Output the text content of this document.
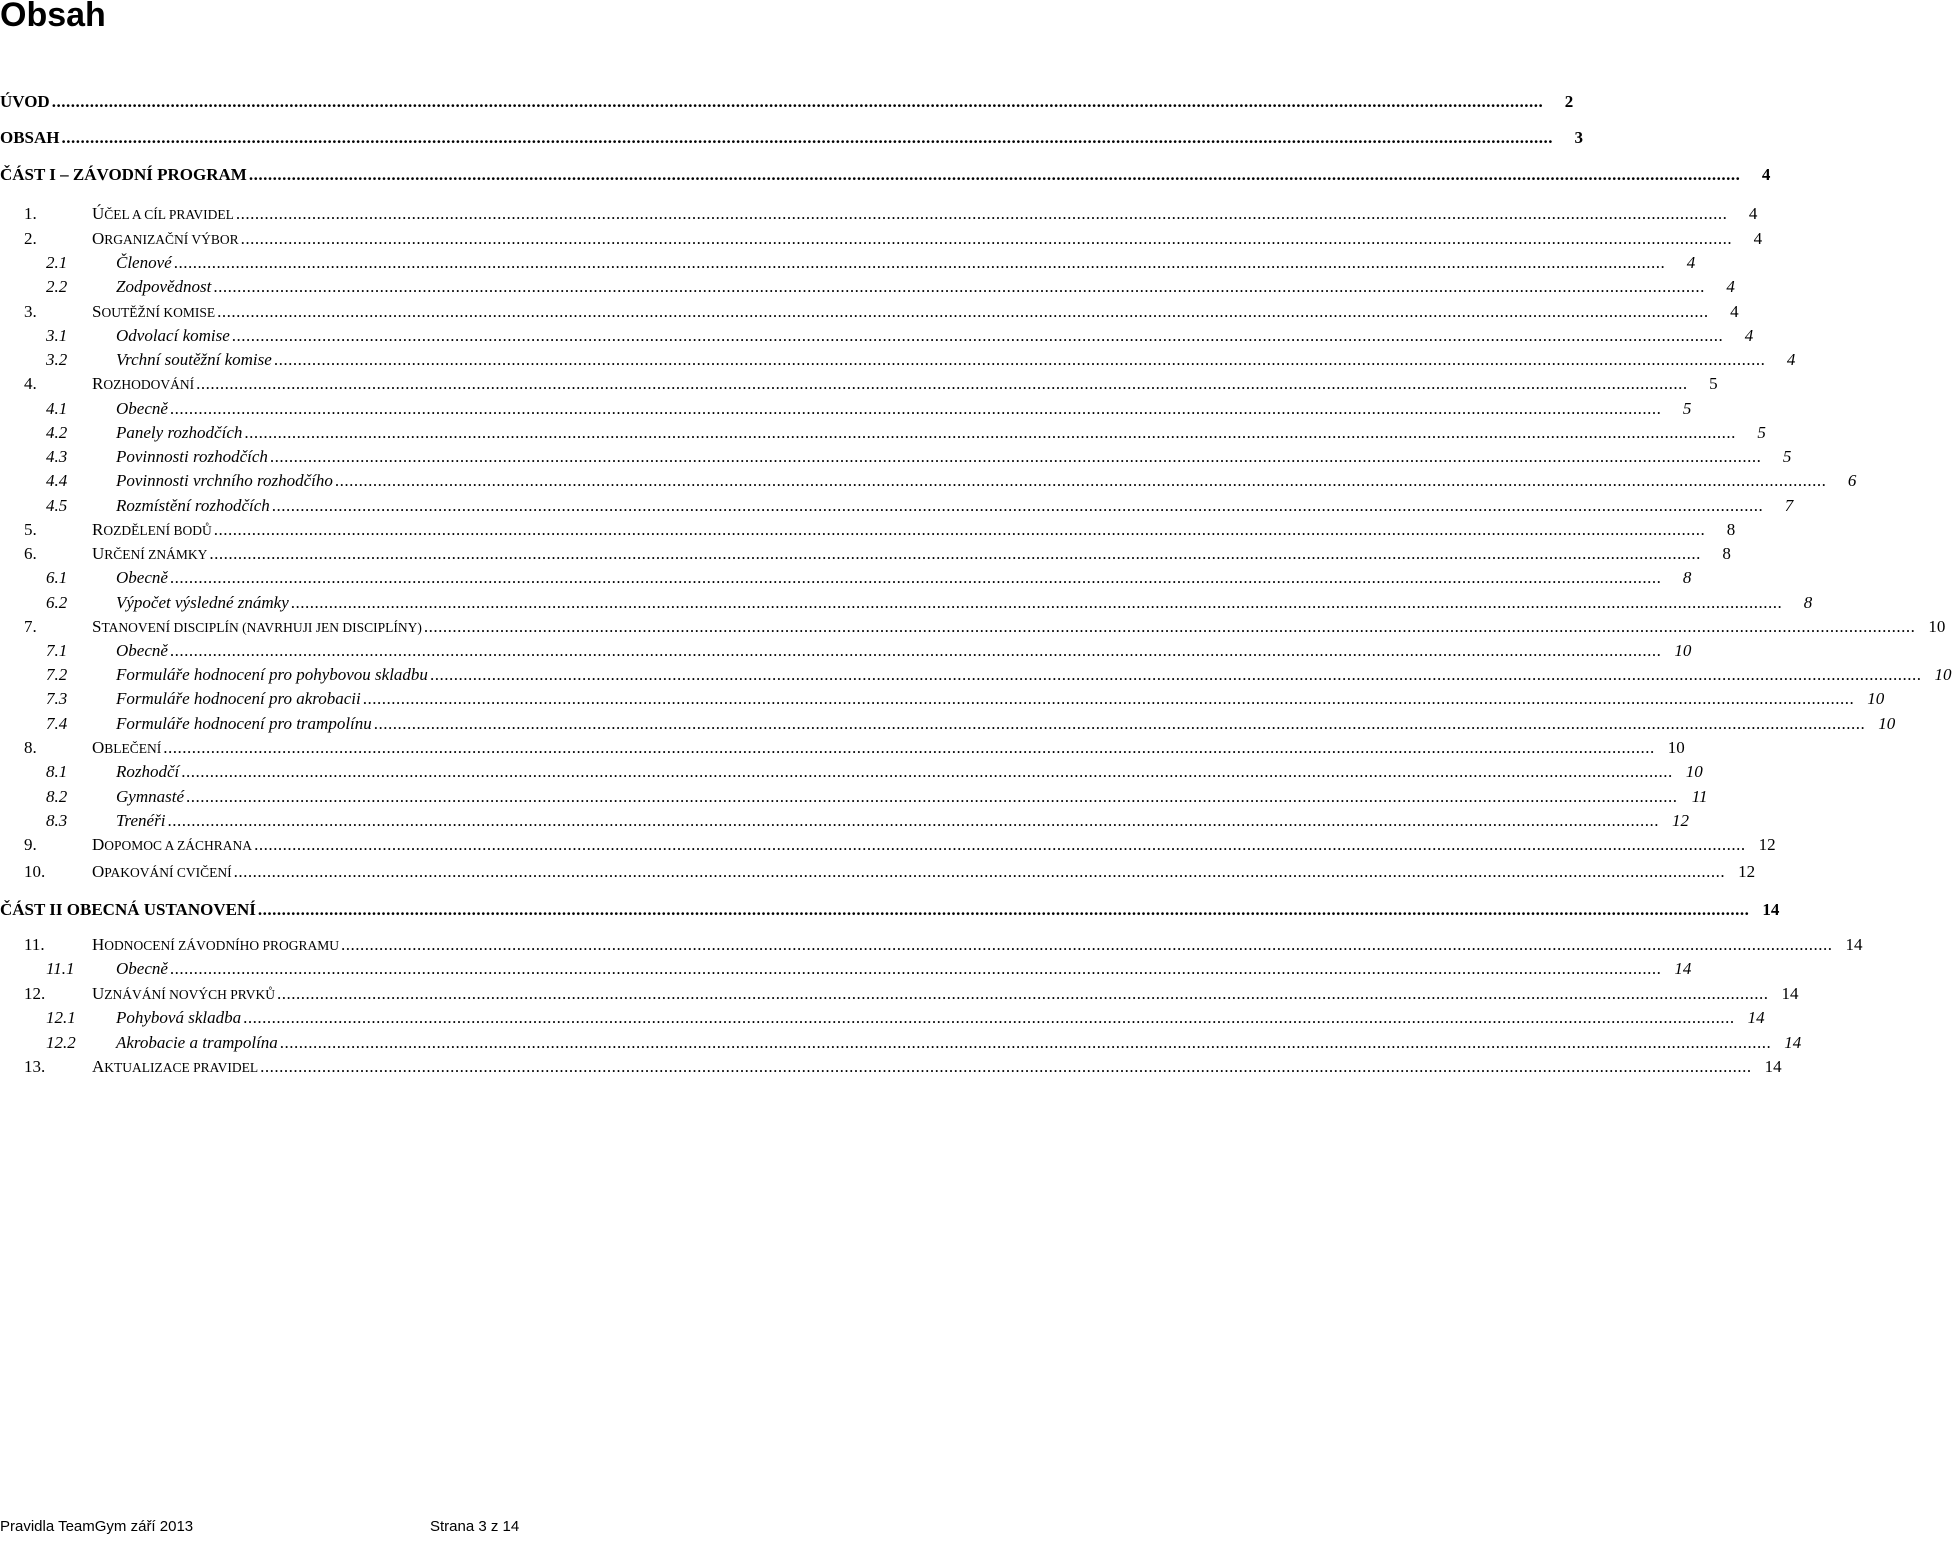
Obsah
ÚVOD ..........................................................................................................................................................................................................................................................................................................................	2
OBSAH ..........................................................................................................................................................................................................................................................................................................................	3
ČÁST I – ZÁVODNÍ PROGRAM ..........................................................................................................................................................................................................................................................................................................................	4
1.	ÚČEL A CÍL PRAVIDEL ..........................................................................................................................................................................................................................................................................................................................	4
2.	ORGANIZAČNÍ VÝBOR ..........................................................................................................................................................................................................................................................................................................................	4
2.1	Členové ..........................................................................................................................................................................................................................................................................................................................	4
2.2	Zodpovědnost ..........................................................................................................................................................................................................................................................................................................................	4
3.	SOUTĚŽNÍ KOMISE ..........................................................................................................................................................................................................................................................................................................................	4
3.1	Odvolací komise ..........................................................................................................................................................................................................................................................................................................................	4
3.2	Vrchní soutěžní komise ..........................................................................................................................................................................................................................................................................................................................	4
4.	ROZHODOVÁNÍ ..........................................................................................................................................................................................................................................................................................................................	5
4.1	Obecně ..........................................................................................................................................................................................................................................................................................................................	5
4.2	Panely rozhodčích ..........................................................................................................................................................................................................................................................................................................................	5
4.3	Povinnosti rozhodčích ..........................................................................................................................................................................................................................................................................................................................	5
4.4	Povinnosti vrchního rozhodčího ..........................................................................................................................................................................................................................................................................................................................	6
4.5	Rozmístění rozhodčích ..........................................................................................................................................................................................................................................................................................................................	7
5.	ROZDĚLENÍ BODŮ ..........................................................................................................................................................................................................................................................................................................................	8
6.	URČENÍ ZNÁMKY ..........................................................................................................................................................................................................................................................................................................................	8
6.1	Obecně ..........................................................................................................................................................................................................................................................................................................................	8
6.2	Výpočet výsledné známky ..........................................................................................................................................................................................................................................................................................................................	8
7.	STANOVENÍ DISCIPLÍN (NAVRHUJI JEN DISCIPLÍNY) .......................................................................................................................................................................................................................................................................................................................... 10
7.1	Obecně .......................................................................................................................................................................................................................................................................................................................... 10
7.2	Formuláře hodnocení pro pohybovou skladbu .......................................................................................................................................................................................................................................................................................................................... 10
7.3	Formuláře hodnocení pro akrobacii .......................................................................................................................................................................................................................................................................................................................... 10
7.4	Formuláře hodnocení pro trampolínu .......................................................................................................................................................................................................................................................................................................................... 10
8.	OBLEČENÍ .......................................................................................................................................................................................................................................................................................................................... 10
8.1	Rozhodčí .......................................................................................................................................................................................................................................................................................................................... 10
8.2	Gymnasté .......................................................................................................................................................................................................................................................................................................................... 11
8.3	Trenéři .......................................................................................................................................................................................................................................................................................................................... 12
9.	DOPOMOC A ZÁCHRANA .......................................................................................................................................................................................................................................................................................................................... 12
10.	OPAKOVÁNÍ CVIČENÍ .......................................................................................................................................................................................................................................................................................................................... 12
ČÁST II OBECNÁ USTANOVENÍ .......................................................................................................................................................................................................................................................................................................................... 14
11.	HODNOCENÍ ZÁVODNÍHO PROGRAMU .......................................................................................................................................................................................................................................................................................................................... 14
11.1	Obecně .......................................................................................................................................................................................................................................................................................................................... 14
12.	UZNÁVÁNÍ NOVÝCH PRVKŮ .......................................................................................................................................................................................................................................................................................................................... 14
12.1	Pohybová skladba .......................................................................................................................................................................................................................................................................................................................... 14
12.2	Akrobacie a trampolína .......................................................................................................................................................................................................................................................................................................................... 14
13.	AKTUALIZACE PRAVIDEL .......................................................................................................................................................................................................................................................................................................................... 14
Pravidla TeamGym září 2013	Strana 3 z 14
